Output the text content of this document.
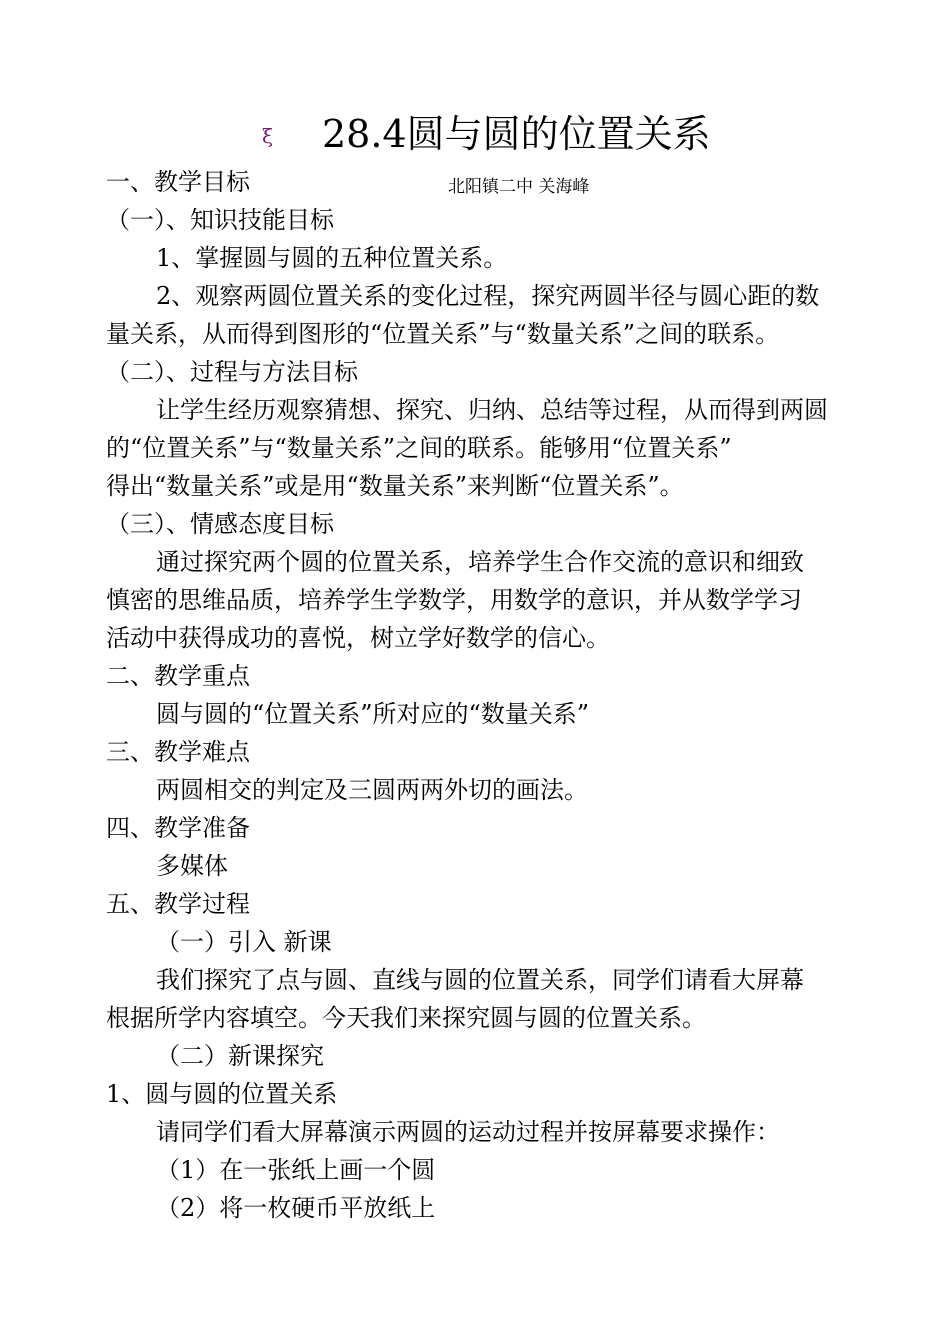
ξ 28.4圆与圆的位置关系
一、教学目标	北阳镇二中 关海峰
（一）、知识技能目标
1、掌握圆与圆的五种位置关系。
2、观察两圆位置关系的变化过程，探究两圆半径与圆心距的数
量关系，从而得到图形的“位置关系”与“数量关系”之间的联系。
（二）、过程与方法目标
让学生经历观察猜想、探究、归纳、总结等过程，从而得到两圆
的“位置关系”与“数量关系”之间的联系。能够用“位置关系”
得出“数量关系”或是用“数量关系”来判断“位置关系”。
（三）、情感态度目标
通过探究两个圆的位置关系，培养学生合作交流的意识和细致
慎密的思维品质，培养学生学数学，用数学的意识，并从数学学习
活动中获得成功的喜悦，树立学好数学的信心。
二、教学重点
圆与圆的“位置关系”所对应的“数量关系”
三、教学难点
两圆相交的判定及三圆两两外切的画法。
四、教学准备
多媒体
五、教学过程
（一）引入 新课
我们探究了点与圆、直线与圆的位置关系，同学们请看大屏幕
根据所学内容填空。今天我们来探究圆与圆的位置关系。
（二）新课探究
1、圆与圆的位置关系
请同学们看大屏幕演示两圆的运动过程并按屏幕要求操作：
（1）在一张纸上画一个圆
（2）将一枚硬币平放纸上
